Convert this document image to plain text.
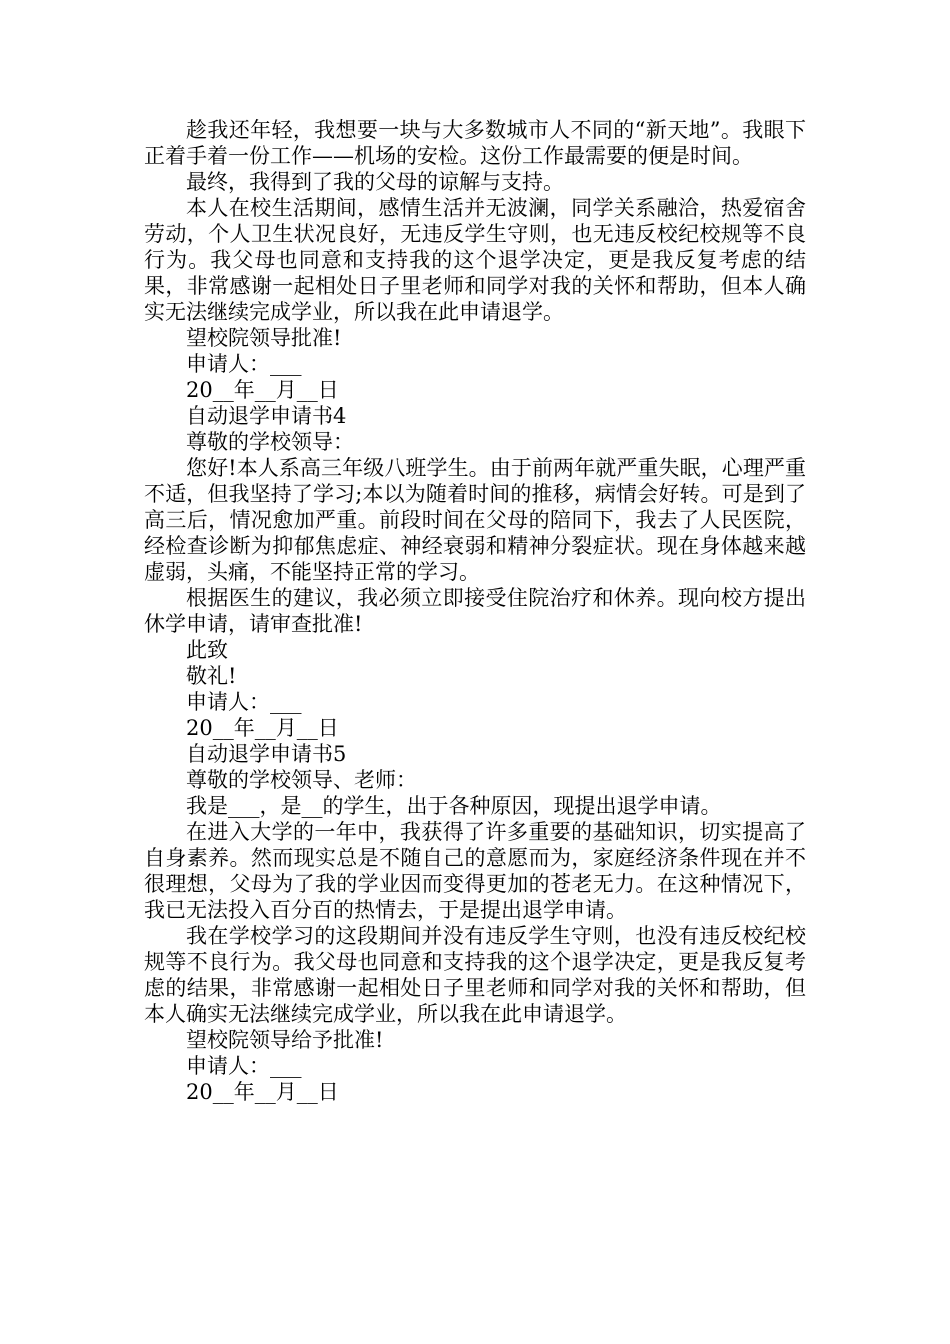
趁我还年轻，我想要一块与大多数城市人不同的“新天地”。我眼下正着手着一份工作——机场的安检。这份工作最需要的便是时间。

最终，我得到了我的父母的谅解与支持。

本人在校生活期间，感情生活并无波澜，同学关系融洽，热爱宿舍劳动，个人卫生状况良好，无违反学生守则，也无违反校纪校规等不良行为。我父母也同意和支持我的这个退学决定，更是我反复考虑的结果，非常感谢一起相处日子里老师和同学对我的关怀和帮助，但本人确实无法继续完成学业，所以我在此申请退学。

望校院领导批准!

申请人：___

20__年__月__日

自动退学申请书4

尊敬的学校领导：

您好!本人系高三年级八班学生。由于前两年就严重失眠，心理严重不适，但我坚持了学习;本以为随着时间的推移，病情会好转。可是到了高三后，情况愈加严重。前段时间在父母的陪同下，我去了人民医院，经检查诊断为抑郁焦虑症、神经衰弱和精神分裂症状。现在身体越来越虚弱，头痛，不能坚持正常的学习。

根据医生的建议，我必须立即接受住院治疗和休养。现向校方提出休学申请，请审查批准!

此致

敬礼!

申请人：___

20__年__月__日

自动退学申请书5

尊敬的学校领导、老师：

我是___，是__的学生，出于各种原因，现提出退学申请。

在进入大学的一年中，我获得了许多重要的基础知识，切实提高了自身素养。然而现实总是不随自己的意愿而为，家庭经济条件现在并不很理想，父母为了我的学业因而变得更加的苍老无力。在这种情况下，我已无法投入百分百的热情去，于是提出退学申请。

我在学校学习的这段期间并没有违反学生守则，也没有违反校纪校规等不良行为。我父母也同意和支持我的这个退学决定，更是我反复考虑的结果，非常感谢一起相处日子里老师和同学对我的关怀和帮助，但本人确实无法继续完成学业，所以我在此申请退学。

望校院领导给予批准!

申请人：___

20__年__月__日
